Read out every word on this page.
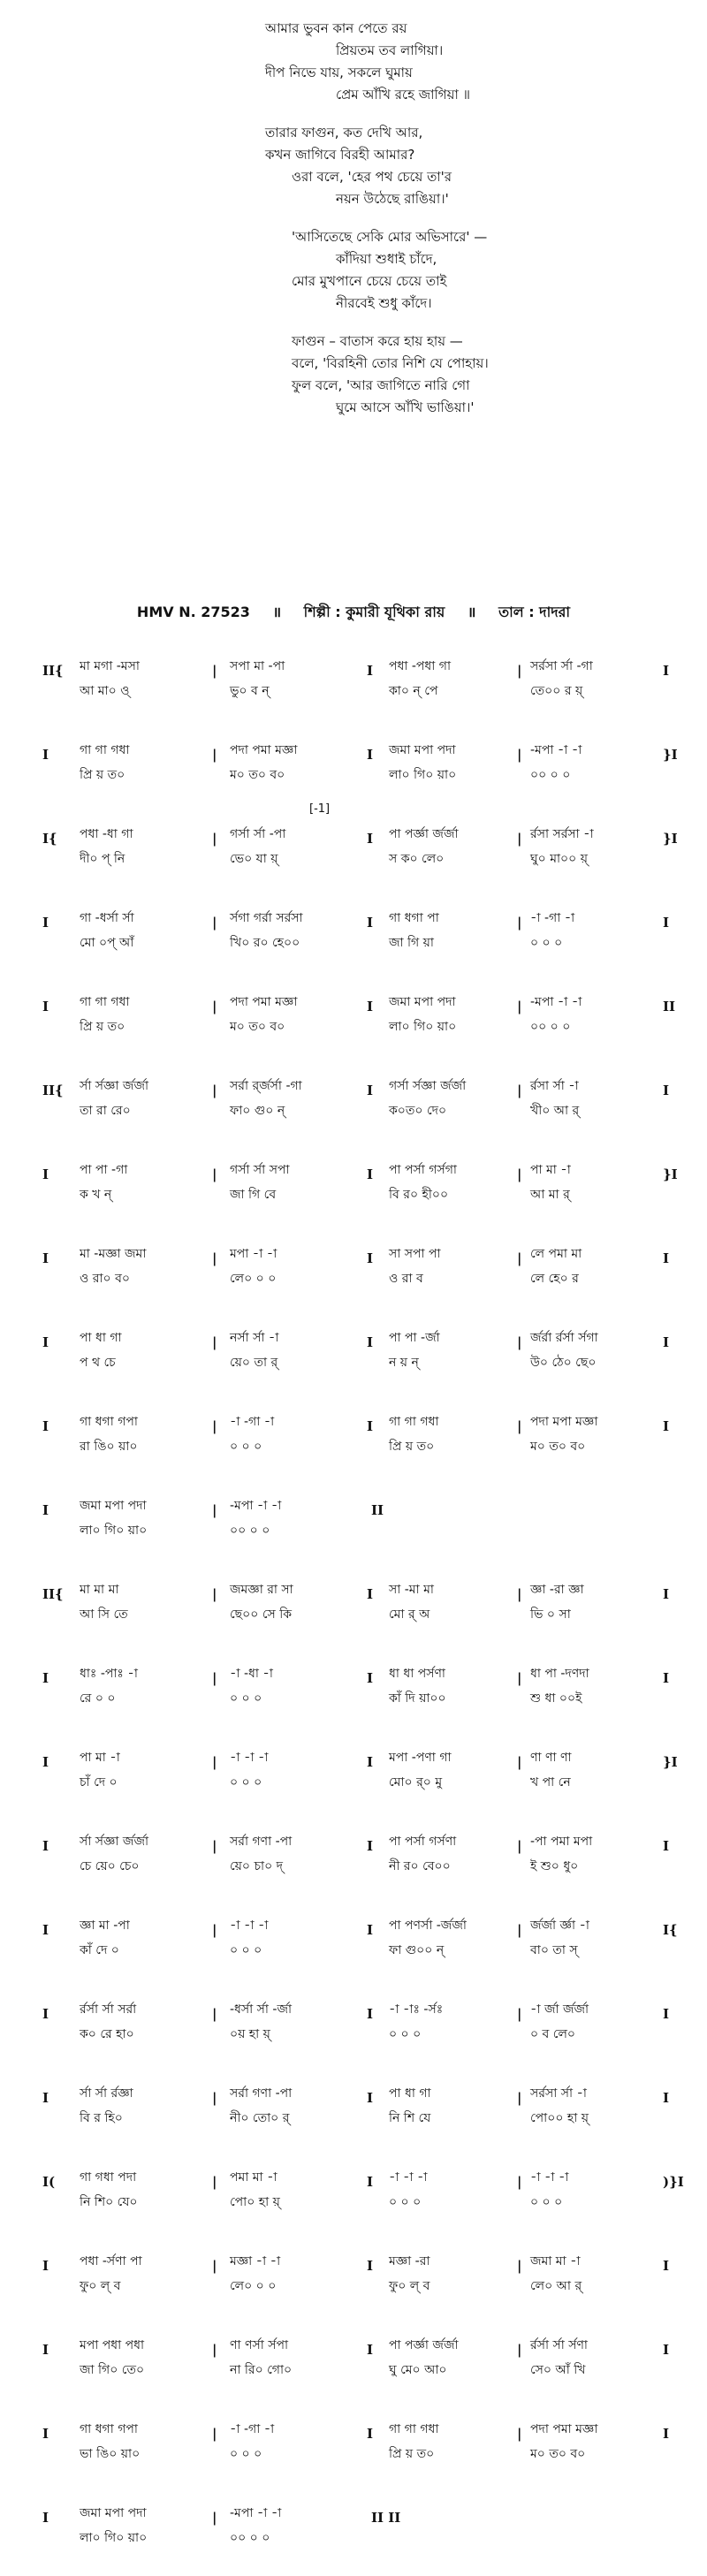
আমার ভুবন কান পেতে রয়
প্রিয়তম তব লাগিয়া।
দীপ নিভে যায়, সকলে ঘুমায়
প্রেম আঁখি রহে জাগিয়া ॥
তারার ফাগুন, কত দেখি আর,
কখন জাগিবে বিরহী আমার?
ওরা বলে, 'হের পথ চেয়ে তা'র
নয়ন উঠেছে রাঙিয়া।'
'আসিতেছে সেকি মোর অভিসারে' —
কাঁদিয়া শুধাই চাঁদে,
মোর মুখপানে চেয়ে চেয়ে তাই
নীরবেই শুধু কাঁদে।
ফাগুন – বাতাস করে হায় হায় —
বলে, 'বিরহিনী তোর নিশি যে পোহায়।
ফুল বলে, 'আর জাগিতে নারি গো
ঘুমে আসে আঁখি ভাঙিয়া।'
HMV N. 27523 ॥ শিল্পী : কুমারী যূথিকা রায় ॥ তাল : দাদরা
II{ মা মগা -মসা
আ মা০ ও্
| সপা মা -পা
ভু০ ব ন্
I পধা -পধা গা
কা০ ন্ পে
| সর্রসা র্সা -গা
তে০০ র য়্
I
I গা গা গধা
প্রি য় ত০
| পদা পমা মজ্ঞা
ম০ ত০ ব০
I জমা মপা পদা
লা০ গি০ য়া০
| -মপা -া -া
০০ ০ ০
}I
I{ পধা -ধা গা
দী০ প্ নি
| গর্সা র্সা -পা
ভে০ যা য়্
I পা পর্জ্ঞা র্জর্জা
স ক০ লে০
| র্রসা সর্রসা -া
ঘু০ মা০০ য়্
}I
[-1]
I গা -ধর্সা র্সা
মো ০প্ আঁ
| র্সগা গর্রা সর্রসা
খি০ র০ হে০০
I গা ধগা পা
জা গি য়া
| -া -গা -া
০ ০ ০
I
I গা গা গধা
প্রি য় ত০
| পদা পমা মজ্ঞা
ম০ ত০ ব০
I জমা মপা পদা
লা০ গি০ য়া০
| -মপা -া -া
০০ ০ ০
II
II{ র্সা র্সজ্ঞা র্জর্জা
তা রা রে০
| সর্রা র্র্জর্সা -গা
ফা০ গু০ ন্
I গর্সা র্সজ্ঞা র্জর্জা
ক০ত০ দে০
| র্রসা র্সা -া
খী০ আ র্
I
I পা পা -গা
ক খ ন্
| গর্সা র্সা সপা
জা গি বে
I পা পর্সা গর্সগা
বি র০ হী০০
| পা মা -া
আ মা র্
}I
I মা -মজ্ঞা জমা
ও রা০ ব০
| মপা -া -া
লে০ ০ ০
I সা সপা পা
ও রা ব
| লে পমা মা
লে হে০ র
I
I পা ধা গা
প থ চে
| নর্সা র্সা -া
য়ে০ তা র্
I পা পা -র্জা
ন য় ন্
| র্জর্রা র্রর্সা র্সগা
উ০ ঠে০ ছে০
I
I গা ধগা গপা
রা ঙি০ য়া০
| -া -গা -া
০ ০ ০
I গা গা গধা
প্রি য় ত০
| পদা মপা মজ্ঞা
ম০ ত০ ব০
I
I জমা মপা পদা
লা০ গি০ য়া০
| -মপা -া -া
০০ ০ ০
II
II{ মা মা মা
আ সি তে
| জমজ্ঞা রা সা
ছে০০ সে কি
I সা -মা মা
মো র্ অ
| জ্ঞা -রা জ্ঞা
ভি ০ সা
I
I ধাঃ -পাঃ -া
রে ০ ০
| -া -ধা -া
০ ০ ০
I ধা ধা পর্সণা
কাঁ দি য়া০০
| ধা পা -দণদা
শু ধা ০০ই
I
I পা মা -া
চাঁ দে ০
| -া -া -া
০ ০ ০
I মপা -পণা গা
মো০ র্০ মু
| ণা ণা ণা
খ পা নে
}I
I র্সা র্সজ্ঞা র্জর্জা
চে য়ে০ চে০
| সর্রা গণা -পা
য়ে০ চা০ দ্
I পা পর্সা গর্সণা
নী র০ বে০০
| -পা পমা মপা
ই শু০ ধু০
I
I জ্ঞা মা -পা
কাঁ দে ০
| -া -া -া
০ ০ ০
I পা পণর্সা -র্জর্জা
ফা গু০০ ন্
| র্জর্জা র্জ্ঞা -া
বা০ তা স্
I{
I র্রর্সা র্সা সর্রা
ক০ রে হা০
| -ধর্সা র্সা -র্জা
০য় হা য়্
I -া -াঃ -র্সঃ
০ ০ ০
| -া র্জা র্জর্জা
০ ব লে০
I
I র্সা র্সা র্রজ্ঞা
বি র হি০
| সর্রা গণা -পা
নী০ তো০ র্
I পা ধা গা
নি শি যে
| সর্রসা র্সা -া
পো০০ হা য়্
I
I( গা গধা পদা
নি শি০ যে০
| পমা মা -া
পো০ হা য়্
I -া -া -া
০ ০ ০
| -া -া -া
০ ০ ০
)}I
I পধা -র্সণা পা
ফু০ ল্ ব
| মজ্ঞা -া -া
লে০ ০ ০
I মজ্ঞা -রা
ফু০ ল্ ব
| জমা মা -া
লে০ আ র্
I
I মপা পধা পধা
জা গি০ তে০
| ণা ণর্সা র্সপা
না রি০ গো০
I পা পর্জ্ঞা র্জর্জা
ঘু মে০ আ০
| র্রর্সা র্সা র্সণা
সে০ আঁ খি
I
I গা ধগা গপা
ভা ঙি০ য়া০
| -া -গা -া
০ ০ ০
I গা গা গধা
প্রি য় ত০
| পদা পমা মজ্ঞা
ম০ ত০ ব০
I
I জমা মপা পদা
লা০ গি০ য়া০
| -মপা -া -া
০০ ০ ০
II II
